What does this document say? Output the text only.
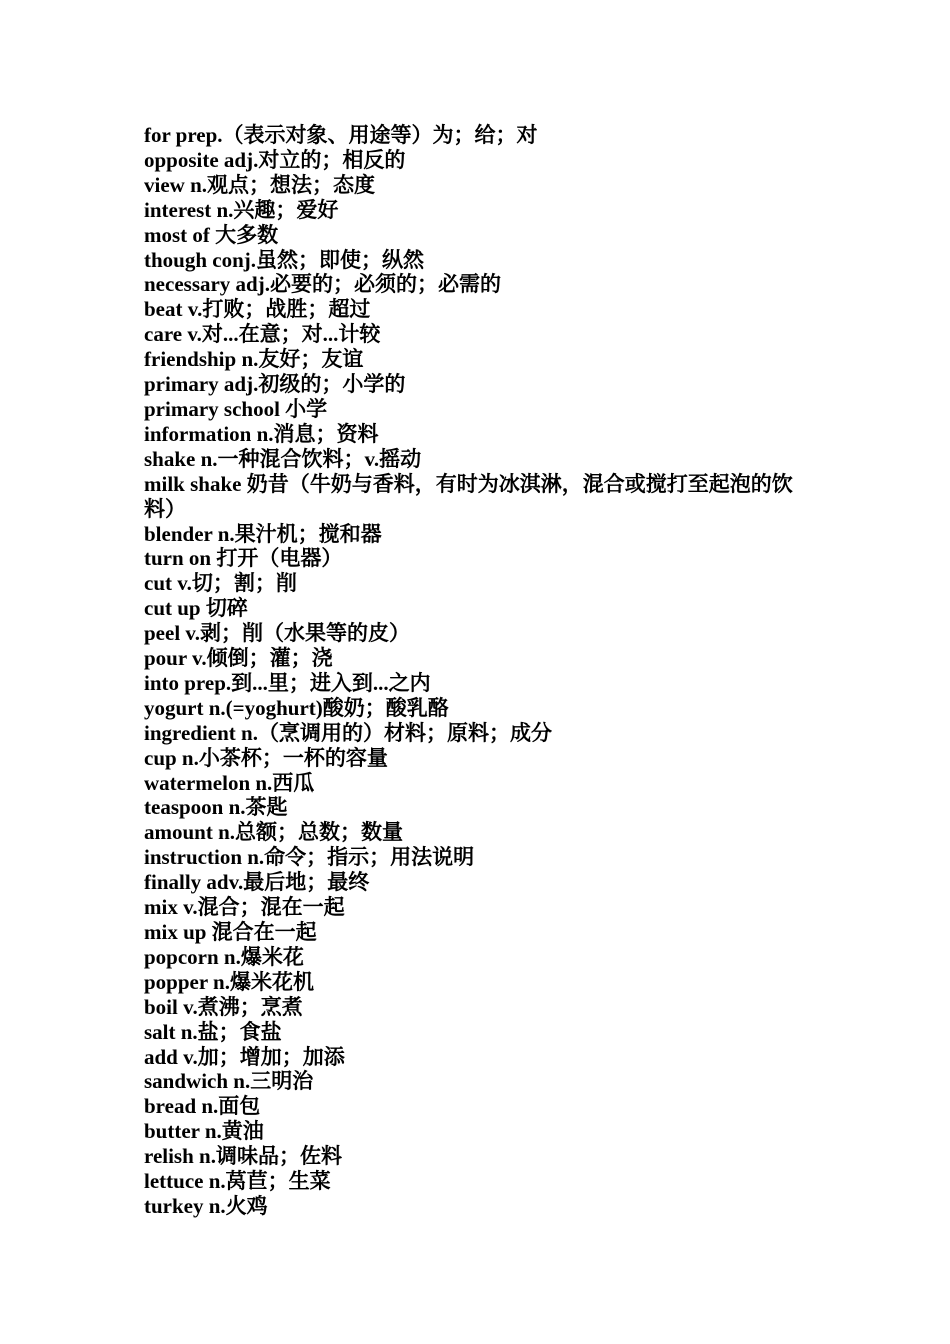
for prep.（表示对象、用途等）为；给；对
opposite adj.对立的；相反的
view n.观点；想法；态度
interest n.兴趣；爱好
most of 大多数
though conj.虽然；即使；纵然
necessary adj.必要的；必须的；必需的
beat v.打败；战胜；超过
care v.对...在意；对...计较
friendship n.友好；友谊
primary adj.初级的；小学的
primary school 小学
information n.消息；资料
shake n.一种混合饮料；v.摇动
milk shake 奶昔（牛奶与香料，有时为冰淇淋，混合或搅打至起泡的饮料）
blender n.果汁机；搅和器
turn on 打开（电器）
cut v.切；割；削
cut up 切碎
peel v.剥；削（水果等的皮）
pour v.倾倒；灌；浇
into prep.到...里；进入到...之内
yogurt n.(=yoghurt)酸奶；酸乳酪
ingredient n.（烹调用的）材料；原料；成分
cup n.小茶杯；一杯的容量
watermelon n.西瓜
teaspoon n.茶匙
amount n.总额；总数；数量
instruction n.命令；指示；用法说明
finally adv.最后地；最终
mix v.混合；混在一起
mix up 混合在一起
popcorn n.爆米花
popper n.爆米花机
boil v.煮沸；烹煮
salt n.盐；食盐
add v.加；增加；加添
sandwich n.三明治
bread n.面包
butter n.黄油
relish n.调味品；佐料
lettuce n.莴苣；生菜
turkey n.火鸡
